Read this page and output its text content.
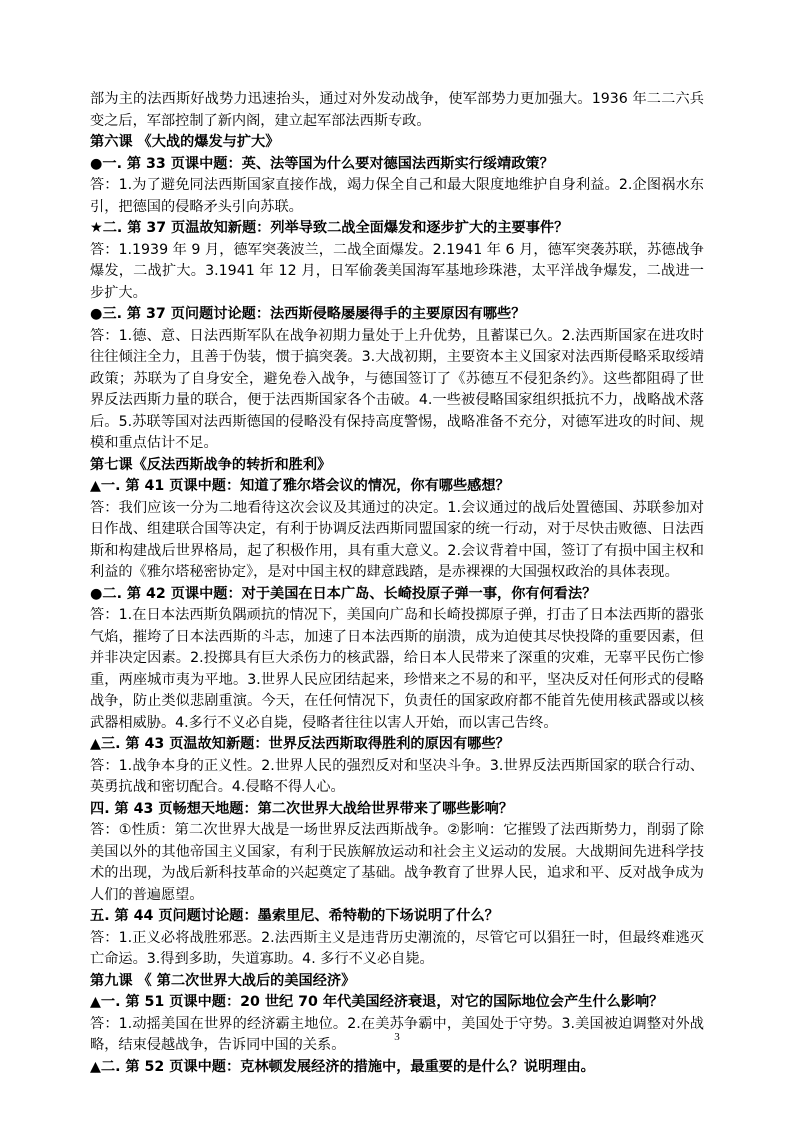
部为主的法西斯好战势力迅速抬头，通过对外发动战争，使军部势力更加强大。1936 年二二六兵变之后，军部控制了新内阁，建立起军部法西斯专政。

第六课 《大战的爆发与扩大》

●一. 第 33 页课中题：英、法等国为什么要对德国法西斯实行绥靖政策？

答：1.为了避免同法西斯国家直接作战，竭力保全自己和最大限度地维护自身利益。2.企图祸水东引，把德国的侵略矛头引向苏联。

★二. 第 37 页温故知新题：列举导致二战全面爆发和逐步扩大的主要事件？

答：1.1939 年 9 月，德军突袭波兰，二战全面爆发。2.1941 年 6 月，德军突袭苏联，苏德战争爆发，二战扩大。3.1941 年 12 月，日军偷袭美国海军基地珍珠港，太平洋战争爆发，二战进一步扩大。

●三. 第 37 页问题讨论题：法西斯侵略屡屡得手的主要原因有哪些？

答：1.德、意、日法西斯军队在战争初期力量处于上升优势，且蓄谋已久。2.法西斯国家在进攻时往往倾注全力，且善于伪装，惯于搞突袭。3.大战初期，主要资本主义国家对法西斯侵略采取绥靖政策；苏联为了自身安全，避免卷入战争，与德国签订了《苏德互不侵犯条约》。这些都阻碍了世界反法西斯力量的联合，便于法西斯国家各个击破。4.一些被侵略国家组织抵抗不力，战略战术落后。5.苏联等国对法西斯德国的侵略没有保持高度警惕，战略准备不充分，对德军进攻的时间、规模和重点估计不足。

第七课《反法西斯战争的转折和胜利》

▲一. 第 41 页课中题：知道了雅尔塔会议的情况，你有哪些感想？

答：我们应该一分为二地看待这次会议及其通过的决定。1.会议通过的战后处置德国、苏联参加对日作战、组建联合国等决定，有利于协调反法西斯同盟国家的统一行动，对于尽快击败德、日法西斯和构建战后世界格局，起了积极作用，具有重大意义。2.会议背着中国，签订了有损中国主权和利益的《雅尔塔秘密协定》，是对中国主权的肆意践踏，是赤裸裸的大国强权政治的具体表现。

●二. 第 42 页课中题：对于美国在日本广岛、长崎投原子弹一事，你有何看法？

答：1.在日本法西斯负隅顽抗的情况下，美国向广岛和长崎投掷原子弹，打击了日本法西斯的嚣张气焰，摧垮了日本法西斯的斗志，加速了日本法西斯的崩溃，成为迫使其尽快投降的重要因素，但并非决定因素。2.投掷具有巨大杀伤力的核武器，给日本人民带来了深重的灾难，无辜平民伤亡惨重，两座城市夷为平地。3.世界人民应团结起来，珍惜来之不易的和平，坚决反对任何形式的侵略战争，防止类似悲剧重演。今天，在任何情况下，负责任的国家政府都不能首先使用核武器或以核武器相威胁。4.多行不义必自毙，侵略者往往以害人开始，而以害己告终。

▲三. 第 43 页温故知新题：世界反法西斯取得胜利的原因有哪些？

答：1.战争本身的正义性。2.世界人民的强烈反对和坚决斗争。3.世界反法西斯国家的联合行动、英勇抗战和密切配合。4.侵略不得人心。

四. 第 43 页畅想天地题：第二次世界大战给世界带来了哪些影响？

答：①性质：第二次世界大战是一场世界反法西斯战争。②影响：它摧毁了法西斯势力，削弱了除美国以外的其他帝国主义国家，有利于民族解放运动和社会主义运动的发展。大战期间先进科学技术的出现，为战后新科技革命的兴起奠定了基础。战争教育了世界人民，追求和平、反对战争成为人们的普遍愿望。

五. 第 44 页问题讨论题：墨索里尼、希特勒的下场说明了什么？

答：1.正义必将战胜邪恶。2.法西斯主义是违背历史潮流的，尽管它可以猖狂一时，但最终难逃灭亡命运。3.得到多助，失道寡助。4. 多行不义必自毙。

第九课 《 第二次世界大战后的美国经济》

▲一. 第 51 页课中题：20 世纪 70 年代美国经济衰退，对它的国际地位会产生什么影响？

答：1.动摇美国在世界的经济霸主地位。2.在美苏争霸中，美国处于守势。3.美国被迫调整对外战略，结束侵越战争，告诉同中国的关系。

▲二. 第 52 页课中题：克林顿发展经济的措施中，最重要的是什么？说明理由。

3
